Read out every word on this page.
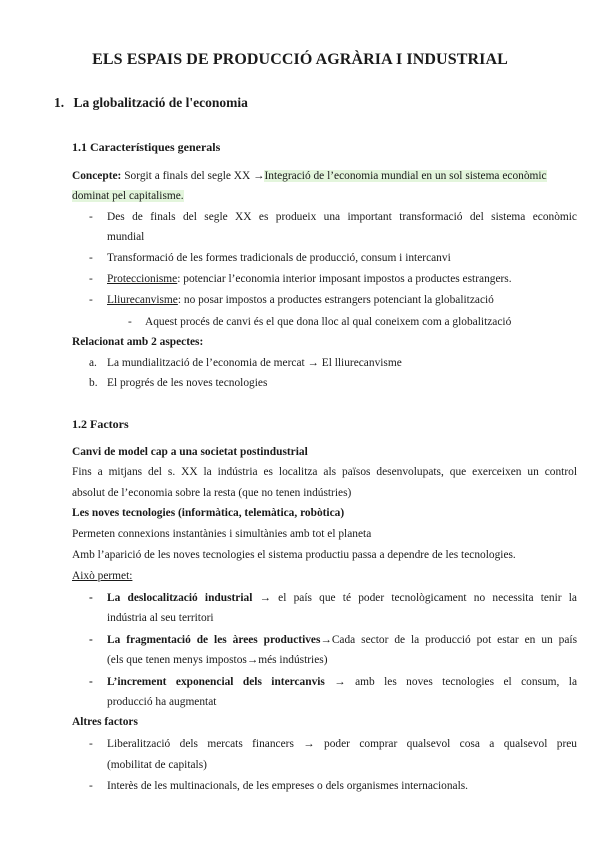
ELS ESPAIS DE PRODUCCIÓ AGRÀRIA I INDUSTRIAL
1. La globalització de l'economia
1.1 Característiques generals
Concepte: Sorgit a finals del segle XX →Integració de l’economia mundial en un sol sistema econòmic
dominat pel capitalisme.
- Des de finals del segle XX es produeix una important transformació del sistema econòmic
mundial
- Transformació de les formes tradicionals de producció, consum i intercanvi
- Proteccionisme: potenciar l’economia interior imposant impostos a productes estrangers.
- Lliurecanvisme: no posar impostos a productes estrangers potenciant la globalització
- Aquest procés de canvi és el que dona lloc al qual coneixem com a globalització
Relacionat amb 2 aspectes:
a. La mundialització de l’economia de mercat → El lliurecanvisme
b. El progrés de les noves tecnologies
1.2 Factors
Canvi de model cap a una societat postindustrial
Fins a mitjans del s. XX la indústria es localitza als països desenvolupats, que exerceixen un control
absolut de l’economia sobre la resta (que no tenen indústries)
Les noves tecnologies (informàtica, telemàtica, robòtica)
Permeten connexions instantànies i simultànies amb tot el planeta
Amb l’aparició de les noves tecnologies el sistema productiu passa a dependre de les tecnologies.
Això permet:
- La deslocalització industrial → el país que té poder tecnològicament no necessita tenir la
indústria al seu territori
- La fragmentació de les àrees productives→Cada sector de la producció pot estar en un país
(els que tenen menys impostos→més indústries)
- L’increment exponencial dels intercanvis → amb les noves tecnologies el consum, la
producció ha augmentat
Altres factors
- Liberalització dels mercats financers → poder comprar qualsevol cosa a qualsevol preu
(mobilitat de capitals)
- Interès de les multinacionals, de les empreses o dels organismes internacionals.
